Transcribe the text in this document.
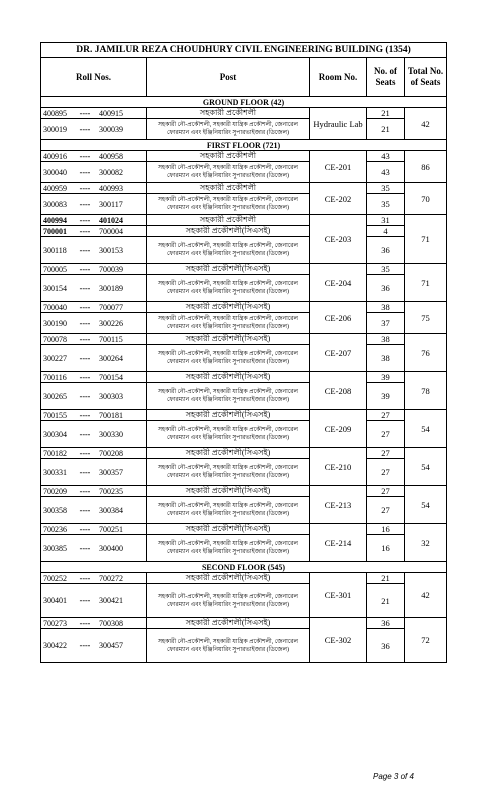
DR. JAMILUR REZA CHOUDHURY CIVIL ENGINEERING BUILDING (1354)				
Roll Nos.	Post	Room No.	No. of Seats	Total No. of Seats
GROUND FLOOR (42)				
400895 ---- 400915	সহকারী প্রকৌশলী	Hydraulic Lab	21	42
300019 ---- 300039	সহকারী নৌ-প্রকৌশলী, সহকারী যান্ত্রিক প্রকৌশলী, জেনারেল ফোরম্যান এবং ইঞ্জিনিয়ারিং সুপারভাইজার (ডিজেল)		21	
FIRST FLOOR (721)				
400916 ---- 400958	সহকারী প্রকৌশলী	CE-201	43	86
300040 ---- 300082	সহকারী নৌ-প্রকৌশলী, সহকারী যান্ত্রিক প্রকৌশলী, জেনারেল ফোরম্যান এবং ইঞ্জিনিয়ারিং সুপারভাইজার (ডিজেল)		43	
400959 ---- 400993	সহকারী প্রকৌশলী	CE-202	35	70
300083 ---- 300117	সহকারী নৌ-প্রকৌশলী, সহকারী যান্ত্রিক প্রকৌশলী, জেনারেল ফোরম্যান এবং ইঞ্জিনিয়ারিং সুপারভাইজার (ডিজেল)		35	
400994 ---- 401024	সহকারী প্রকৌশলী	CE-203	31	71
700001 ---- 700004	সহকারী প্রকৌশলী(সিএসই)		4	
300118 ---- 300153	সহকারী নৌ-প্রকৌশলী, সহকারী যান্ত্রিক প্রকৌশলী, জেনারেল ফোরম্যান এবং ইঞ্জিনিয়ারিং সুপারভাইজার (ডিজেল)		36	
700005 ---- 700039	সহকারী প্রকৌশলী(সিএসই)	CE-204	35	71
300154 ---- 300189	সহকারী নৌ-প্রকৌশলী, সহকারী যান্ত্রিক প্রকৌশলী, জেনারেল ফোরম্যান এবং ইঞ্জিনিয়ারিং সুপারভাইজার (ডিজেল)		36	
700040 ---- 700077	সহকারী প্রকৌশলী(সিএসই)	CE-206	38	75
300190 ---- 300226	সহকারী নৌ-প্রকৌশলী, সহকারী যান্ত্রিক প্রকৌশলী, জেনারেল ফোরম্যান এবং ইঞ্জিনিয়ারিং সুপারভাইজার (ডিজেল)		37	
700078 ---- 700115	সহকারী প্রকৌশলী(সিএসই)	CE-207	38	76
300227 ---- 300264	সহকারী নৌ-প্রকৌশলী, সহকারী যান্ত্রিক প্রকৌশলী, জেনারেল ফোরম্যান এবং ইঞ্জিনিয়ারিং সুপারভাইজার (ডিজেল)		38	
700116 ---- 700154	সহকারী প্রকৌশলী(সিএসই)	CE-208	39	78
300265 ---- 300303	সহকারী নৌ-প্রকৌশলী, সহকারী যান্ত্রিক প্রকৌশলী, জেনারেল ফোরম্যান এবং ইঞ্জিনিয়ারিং সুপারভাইজার (ডিজেল)		39	
700155 ---- 700181	সহকারী প্রকৌশলী(সিএসই)	CE-209	27	54
300304 ---- 300330	সহকারী নৌ-প্রকৌশলী, সহকারী যান্ত্রিক প্রকৌশলী, জেনারেল ফোরম্যান এবং ইঞ্জিনিয়ারিং সুপারভাইজার (ডিজেল)		27	
700182 ---- 700208	সহকারী প্রকৌশলী(সিএসই)	CE-210	27	54
300331 ---- 300357	সহকারী নৌ-প্রকৌশলী, সহকারী যান্ত্রিক প্রকৌশলী, জেনারেল ফোরম্যান এবং ইঞ্জিনিয়ারিং সুপারভাইজার (ডিজেল)		27	
700209 ---- 700235	সহকারী প্রকৌশলী(সিএসই)	CE-213	27	54
300358 ---- 300384	সহকারী নৌ-প্রকৌশলী, সহকারী যান্ত্রিক প্রকৌশলী, জেনারেল ফোরম্যান এবং ইঞ্জিনিয়ারিং সুপারভাইজার (ডিজেল)		27	
700236 ---- 700251	সহকারী প্রকৌশলী(সিএসই)	CE-214	16	32
300385 ---- 300400	সহকারী নৌ-প্রকৌশলী, সহকারী যান্ত্রিক প্রকৌশলী, জেনারেল ফোরম্যান এবং ইঞ্জিনিয়ারিং সুপারভাইজার (ডিজেল)		16	
SECOND FLOOR (545)				
700252 ---- 700272	সহকারী প্রকৌশলী(সিএসই)	CE-301	21	42
300401 ---- 300421	সহকারী নৌ-প্রকৌশলী, সহকারী যান্ত্রিক প্রকৌশলী, জেনারেল ফোরম্যান এবং ইঞ্জিনিয়ারিং সুপারভাইজার (ডিজেল)		21	
700273 ---- 700308	সহকারী প্রকৌশলী(সিএসই)	CE-302	36	72
300422 ---- 300457	সহকারী নৌ-প্রকৌশলী, সহকারী যান্ত্রিক প্রকৌশলী, জেনারেল ফোরম্যান এবং ইঞ্জিনিয়ারিং সুপারভাইজার (ডিজেল)		36	
Page 3 of 4
